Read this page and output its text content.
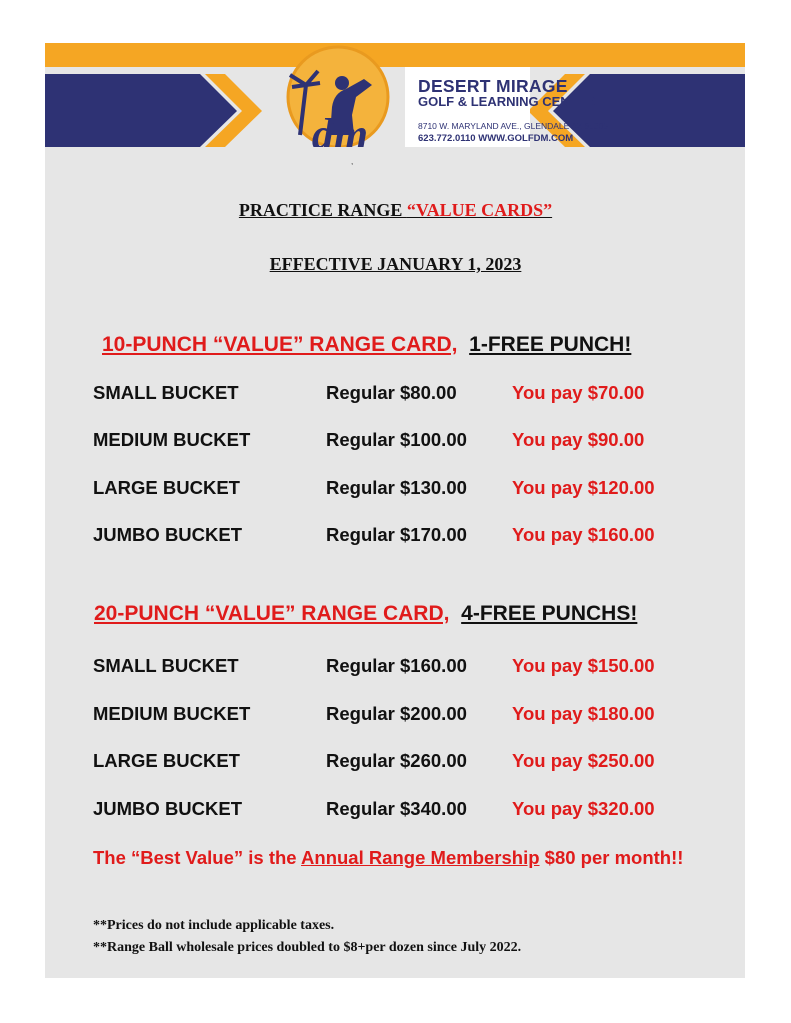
dm
DESERT MIRAGE
GOLF & LEARNING CENTER
8710 W. MARYLAND AVE., GLENDALE AZ 85305
623.772.0110 WWW.GOLFDM.COM
,
PRACTICE RANGE “VALUE CARDS”
EFFECTIVE JANUARY 1, 2023
10-PUNCH “VALUE” RANGE CARD, 1-FREE PUNCH!
SMALL BUCKET	Regular $80.00	You pay $70.00
MEDIUM BUCKET	Regular $100.00 You pay $90.00
LARGE BUCKET	Regular $130.00 You pay $120.00
JUMBO BUCKET	Regular $170.00 You pay $160.00
20-PUNCH “VALUE” RANGE CARD, 4-FREE PUNCHS!
SMALL BUCKET	Regular $160.00 You pay $150.00
MEDIUM BUCKET	Regular $200.00 You pay $180.00
LARGE BUCKET	Regular $260.00 You pay $250.00
JUMBO BUCKET	Regular $340.00 You pay $320.00
The “Best Value” is the Annual Range Membership $80 per month!!
**Prices do not include applicable taxes.
**Range Ball wholesale prices doubled to $8+per dozen since July 2022.
